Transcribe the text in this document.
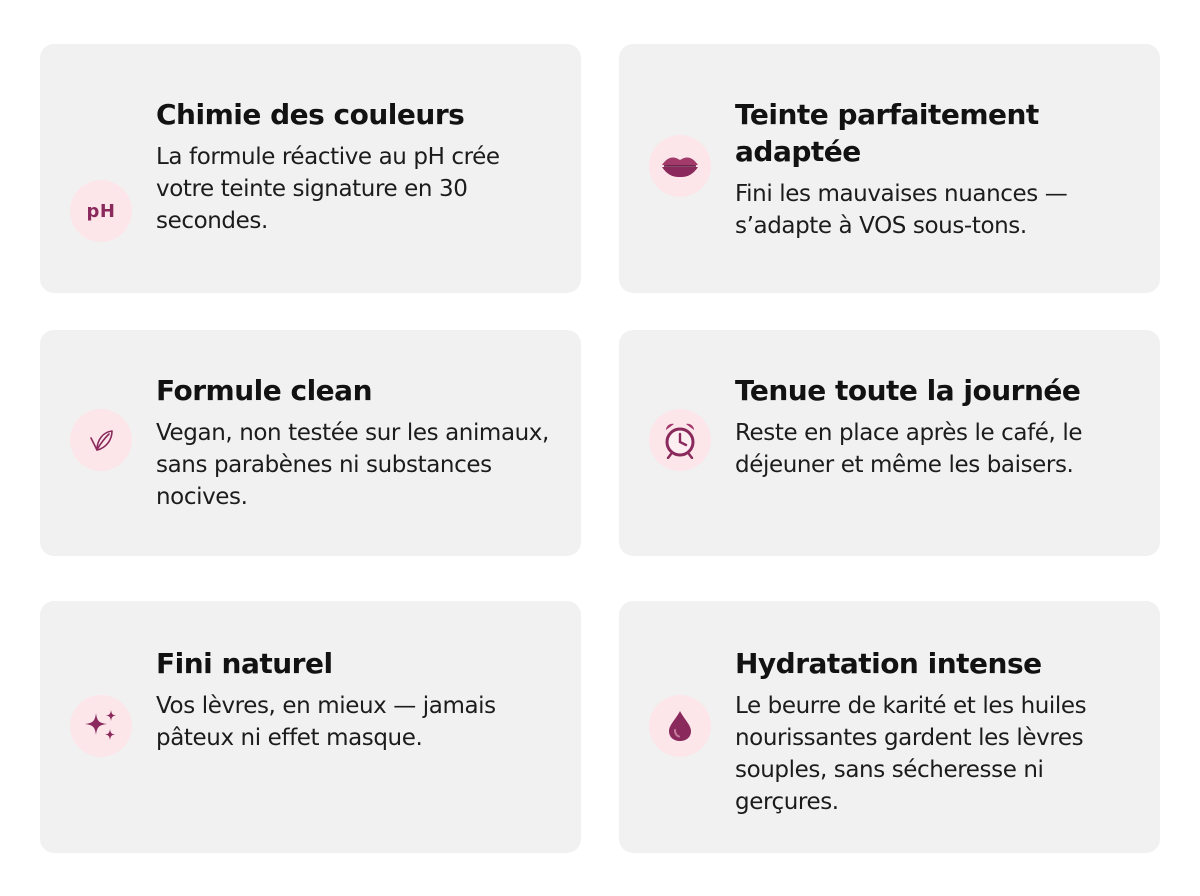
pH
Chimie des couleurs

La formule réactive au pH crée votre teinte signature en 30 secondes.

Teinte parfaitement adaptée

Fini les mauvaises nuances — s’adapte à VOS sous-tons.

Formule clean

Vegan, non testée sur les animaux, sans parabènes ni substances nocives.

Tenue toute la journée

Reste en place après le café, le déjeuner et même les baisers.

Fini naturel

Vos lèvres, en mieux — jamais pâteux ni effet masque.

Hydratation intense

Le beurre de karité et les huiles nourissantes gardent les lèvres souples, sans sécheresse ni gerçures.
